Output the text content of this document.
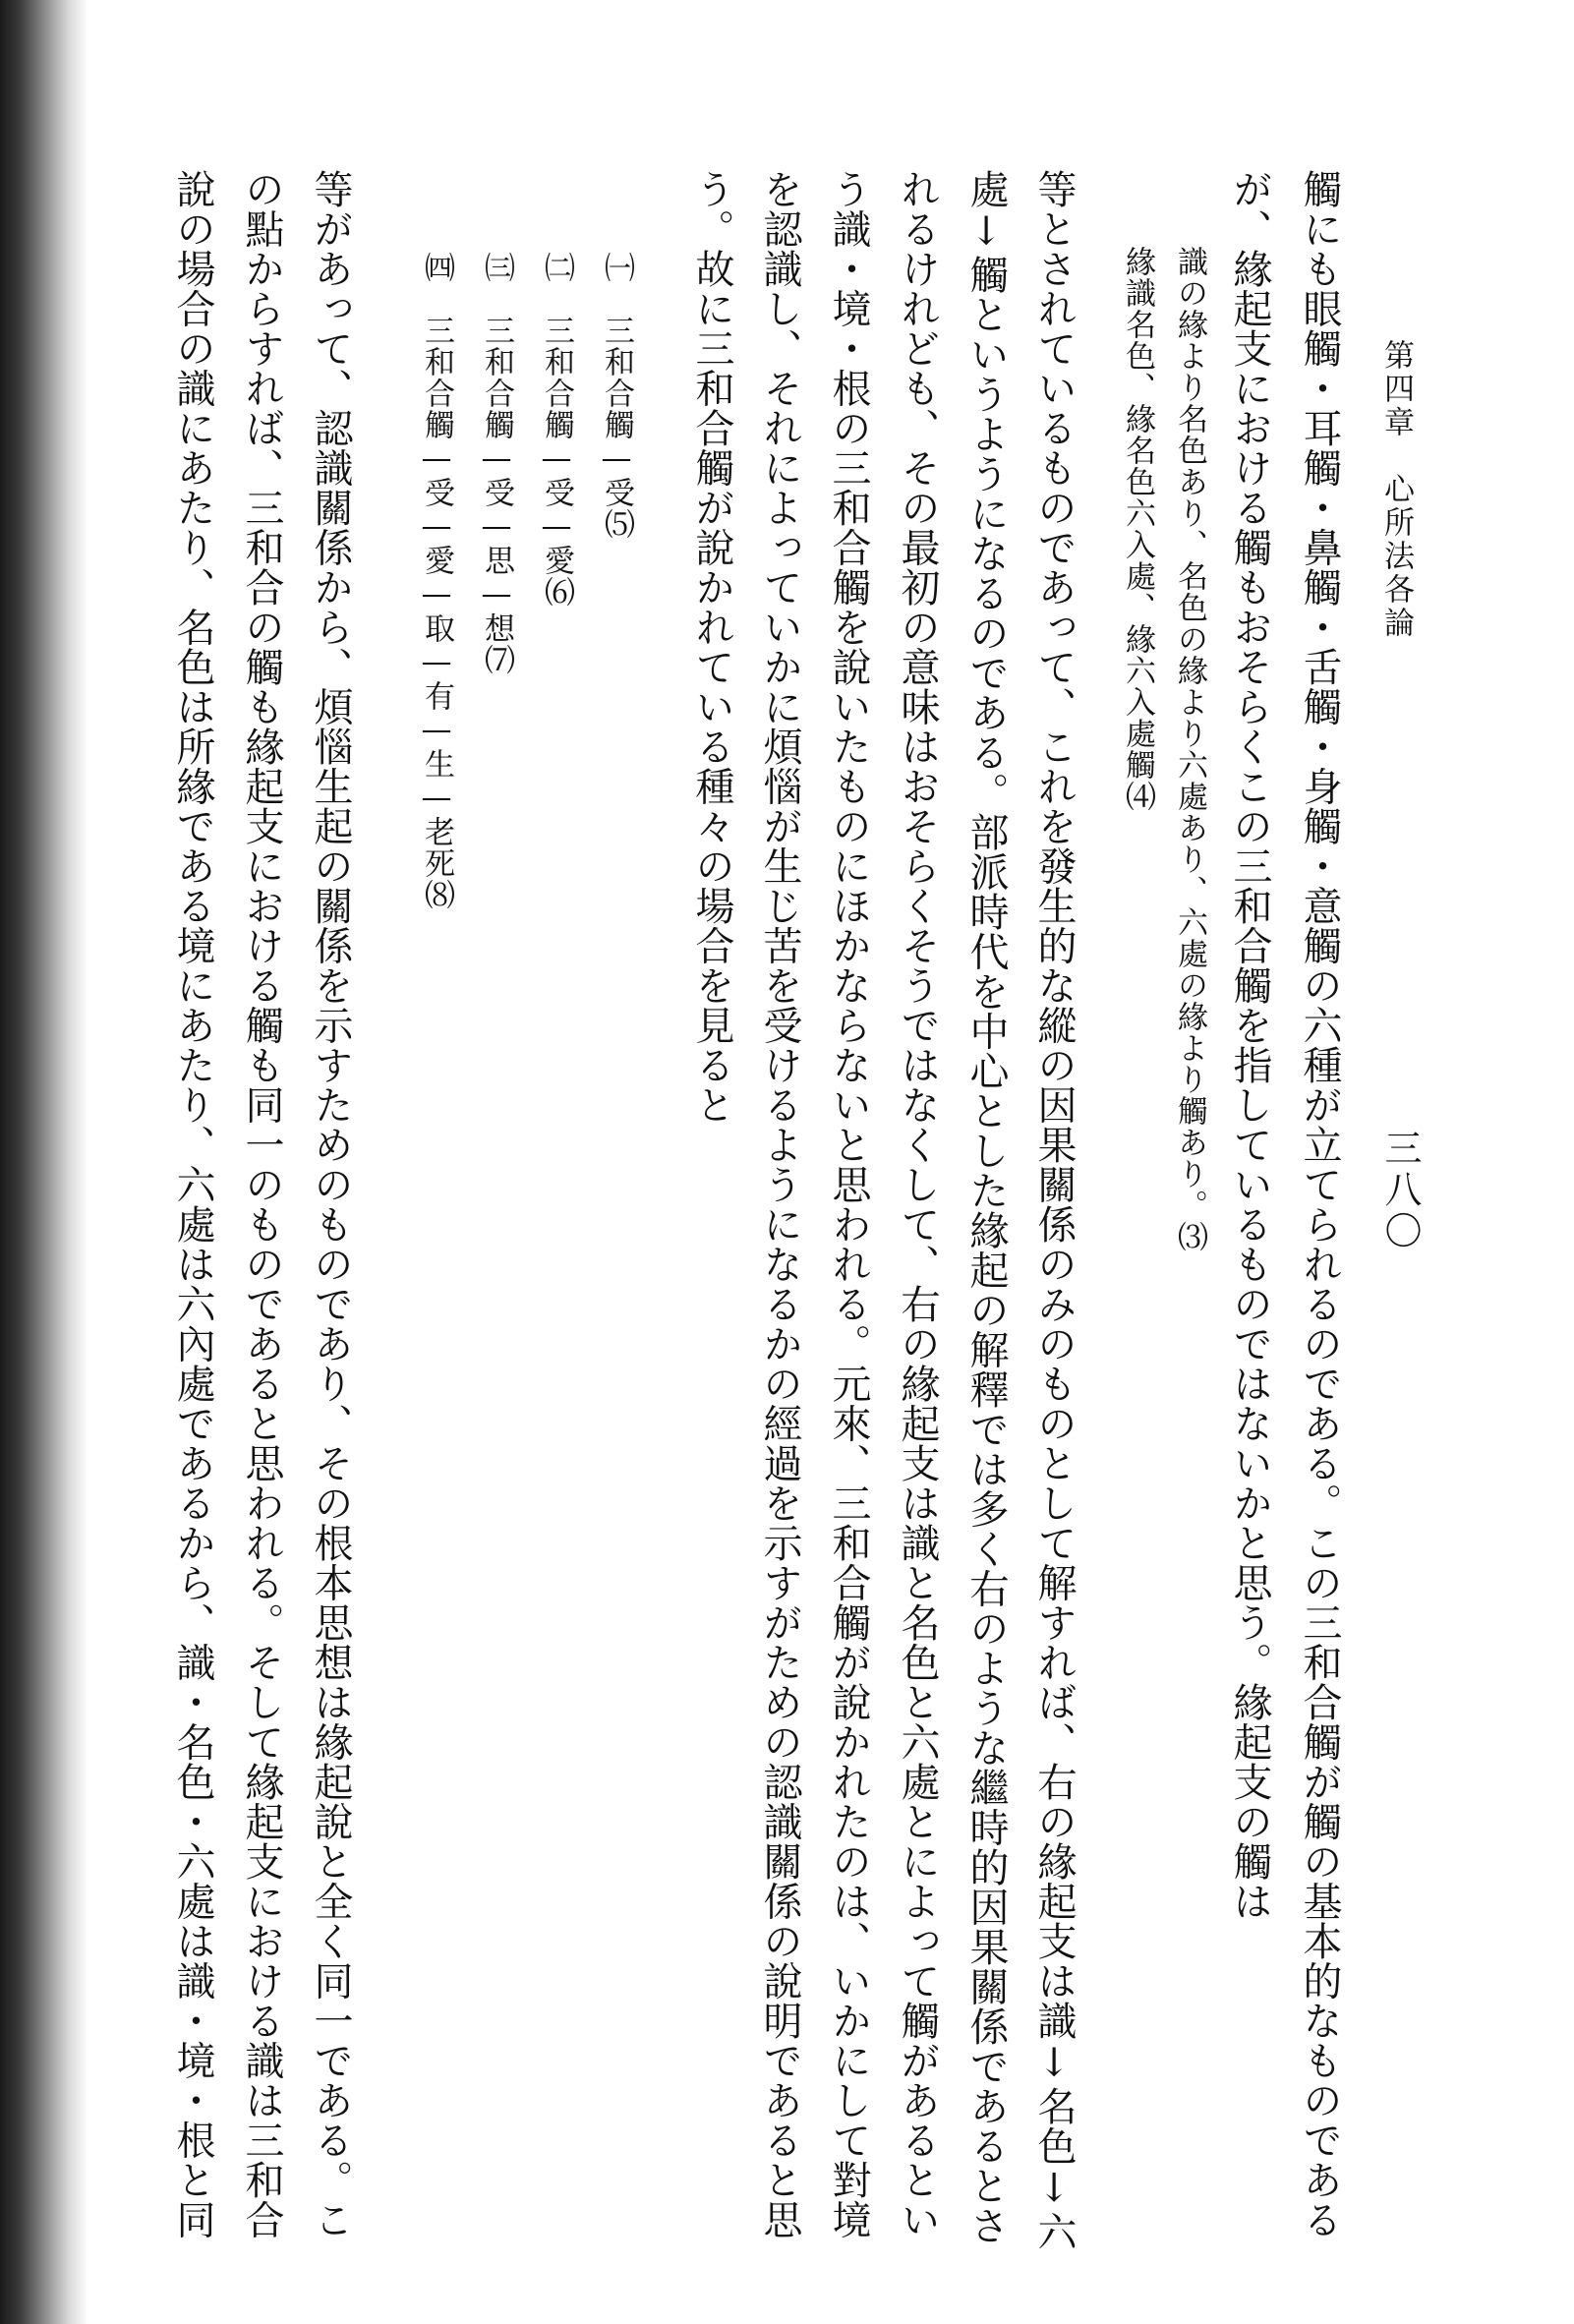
三八〇
第四章　心所法各論
觸にも眼觸・耳觸・鼻觸・舌觸・身觸・意觸の六種が立てられるのである。この三和合觸が觸の基本的なものである
が、緣起支における觸もおそらくこの三和合觸を指しているものではないかと思う。緣起支の觸は
識の緣より名色あり、名色の緣より六處あり、六處の緣より觸あり。⑶
緣識名色、緣名色六入處、緣六入處觸⑷
等とされているものであって、これを發生的な縱の因果關係のみのものとして解すれば、右の緣起支は識↓名色↓六
處↓觸というようになるのである。部派時代を中心とした緣起の解釋では多く右のような繼時的因果關係であるとさ
れるけれども、その最初の意味はおそらくそうではなくして、右の緣起支は識と名色と六處とによって觸があるとい
う識・境・根の三和合觸を說いたものにほかならないと思われる。元來、三和合觸が說かれたのは、いかにして對境
を認識し、それによっていかに煩惱が生じ苦を受けるようになるかの經過を示すがための認識關係の說明であると思
う。故に三和合觸が說かれている種々の場合を見ると
㈠　三和合觸—受⑸
㈡　三和合觸—受—愛⑹
㈢　三和合觸—受—思—想⑺
㈣　三和合觸—受—愛—取—有—生—老死⑻
等があって、認識關係から、煩惱生起の關係を示すためのものであり、その根本思想は緣起說と全く同一である。こ
の點からすれば、三和合の觸も緣起支における觸も同一のものであると思われる。そして緣起支における識は三和合
說の場合の識にあたり、名色は所緣である境にあたり、六處は六內處であるから、識・名色・六處は識・境・根と同
